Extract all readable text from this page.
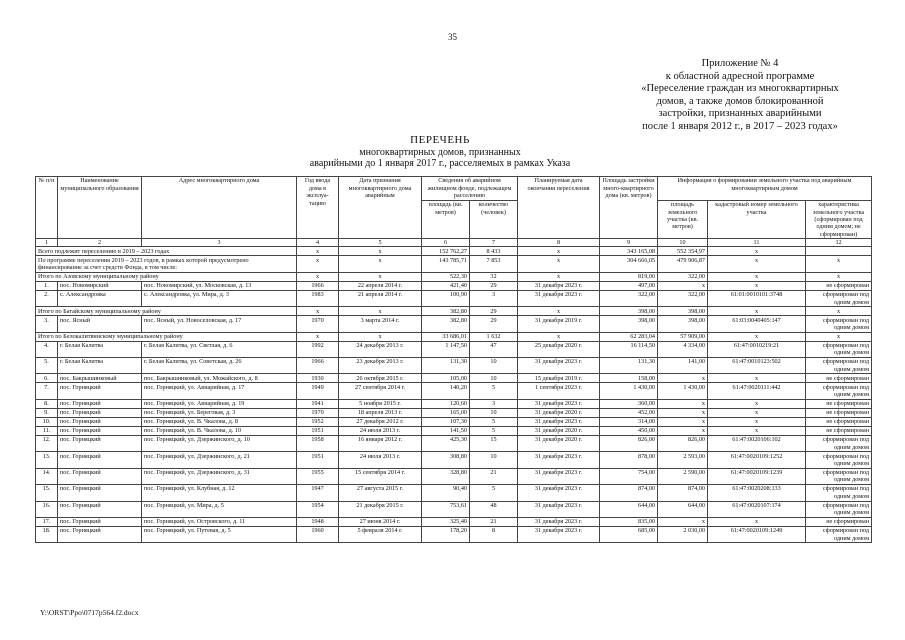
35
Приложение № 4
к областной адресной программе
«Переселение граждан из многоквартирных
домов, а также домов блокированной
застройки, признанных аварийными
после 1 января 2012 г., в 2017 – 2023 годах»
ПЕРЕЧЕНЬ
многоквартирных домов, признанных
аварийными до 1 января 2017 г., расселяемых в рамках Указа
№ п/п	Наименование муниципального образования	Адрес многоквартирного дома	Год ввода дома в эксплуа-тацию	Дата признания многоквартирного дома аварийным	Сведения об аварийном жилищном фонде, подлежащем расселению		Планируемая дата окончания переселения	Площадь застройки много-квартирного дома (кв. метров)	Информация о формировании земельного участка под аварийным многоквартирным домом		
					площадь (кв. метров)	количество (человек)			площадь земельного участка (кв. метров)	кадастровый номер земельного участка	характеристика земельного участка (сформирован под одним домом; не сформирован)
1	2	3	4	5	6	7	8	9	10	11	12
Всего подлежит переселению в 2019 – 2023 годах			x	x	152 762,27	8 433	x	343 165,08	552 354,97	x	
По программе переселения 2019 – 2023 годов, в рамках которой предусмотрено финансирование за счет средств Фонда, в том числе:			x	x	143 785,71	7 853	x	304 666,05	479 906,87	x	x
Итого по Азовскому муниципальному району			x	x	522,30	32	x	819,00	322,00	x	x
1.	пос. Новомирский	пос. Новомирский, ул. Московская, д. 13	1966	22 апреля 2014 г.	421,40	29	31 декабря 2023 г.	497,00	x	x	не сформирован
2.	с. Александровка	с. Александровка, ул. Мира, д. 3	1983	21 апреля 2014 г.	100,90	3	31 декабря 2023 г.	322,00	322,00	61:01:0010101:3748	сформирован под одним домом
Итого по Батайскому муниципальному району			x	x	382,80	29	x	398,00	398,00	x	x
3.	пос. Ясный	пос. Ясный, ул. Новоселовская, д. 17	1970	3 марта 2014 г.	382,80	29	31 декабря 2019 г.	398,00	398,00	61:03:0040405:147	сформирован под одним домом
Итого по Белокалитвинскому муниципальному району			x	x	33 686,01	1 632	x	62 283,04	57 909,00	x	x
4.	г. Белая Калитва	г. Белая Калитва, ул. Светлая, д. 6	1992	24 декабря 2013 г.	1 147,50	47	25 декабря 2020 г.	16 114,50	4 334,00	61:47:0010219:21	сформирован под одним домом
5.	г. Белая Калитва	г. Белая Калитва, ул. Советская, д. 26	1966	23 декабря 2013 г.	131,30	10	31 декабря 2023 г.	131,30	141,00	61:47:0010123:502	сформирован под одним домом
6.	пос. Бакрышинковый	пос. Бакрышинковый, ул. Можайского, д. 8	1930	26 октября 2015 г.	105,00	10	15 декабря 2019 г.	158,00	x	x	не сформирован
7.	пос. Горняцкий	пос. Горняцкий, ул. Авиарийная, д. 17	1949	27 сентября 2014 г.	140,20	5	1 сентября 2023 г.	1 430,00	1 430,00	61:47:0020111:442	сформирован под одним домом
8.	пос. Горняцкий	пос. Горняцкий, ул. Авиарийная, д. 19	1941	5 ноября 2015 г.	120,60	3	31 декабря 2023 г.	360,00	x	x	не сформирован
9.	пос. Горняцкий	пос. Горняцкий, ул. Береговая, д. 3	1970	18 апреля 2013 г.	165,00	10	31 декабря 2020 г.	452,00	x	x	не сформирован
10.	пос. Горняцкий	пос. Горняцкий, ул. В. Чкалова, д. 8	1952	27 декабря 2012 г.	107,30	5	31 декабря 2023 г.	314,00	x	x	не сформирован
11.	пос. Горняцкий	пос. Горняцкий, ул. В. Чкалова, д. 10	1951	24 июля 2013 г.	141,50	5	31 декабря 2020 г.	450,00	x	x	не сформирован
12.	пос. Горняцкий	пос. Горняцкий, ул. Дзержинского, д. 10	1958	16 января 2012 г.	425,30	15	31 декабря 2020 г.	826,00	826,00	61:47:0020106:102	сформирован под одним домом
13.	пос. Горняцкий	пос. Горняцкий, ул. Дзержинского, д. 21	1951	24 июля 2013 г.	308,80	10	31 декабря 2023 г.	878,00	2 593,00	61:47:0020109:1252	сформирован под одним домом
14.	пос. Горняцкий	пос. Горняцкий, ул. Дзержинского, д. 31	1955	15 сентября 2014 г.	328,80	21	31 декабря 2023 г.	754,00	2 590,00	61:47:0020109:1239	сформирован под одним домом
15.	пос. Горняцкий	пос. Горняцкий, ул. Клубная, д. 12	1947	27 августа 2015 г.	90,40	5	31 декабря 2023 г.	874,00	874,00	61:47:0020208:133	сформирован под одним домом
16.	пос. Горняцкий	пос. Горняцкий, ул. Мира, д. 5	1954	21 декабря 2015 г.	753,61	48	31 декабря 2023 г.	644,00	644,00	61:47:0020107:174	сформирован под одним домом
17.	пос. Горняцкий	пос. Горняцкий, ул. Островского, д. 11	1948	27 июня 2014 г.	325,40	21	31 декабря 2023 г.	835,00	x	x	не сформирован
18.	пос. Горняцкий	пос. Горняцкий, ул. Путевая, д. 5	1960	5 февраля 2014 г.	178,20	8	31 декабря 2023 г.	685,00	2 030,00	61:47:0020109:1249	сформирован под одним домом
Y:\ORST\Ppo\0717p564.f2.docx
